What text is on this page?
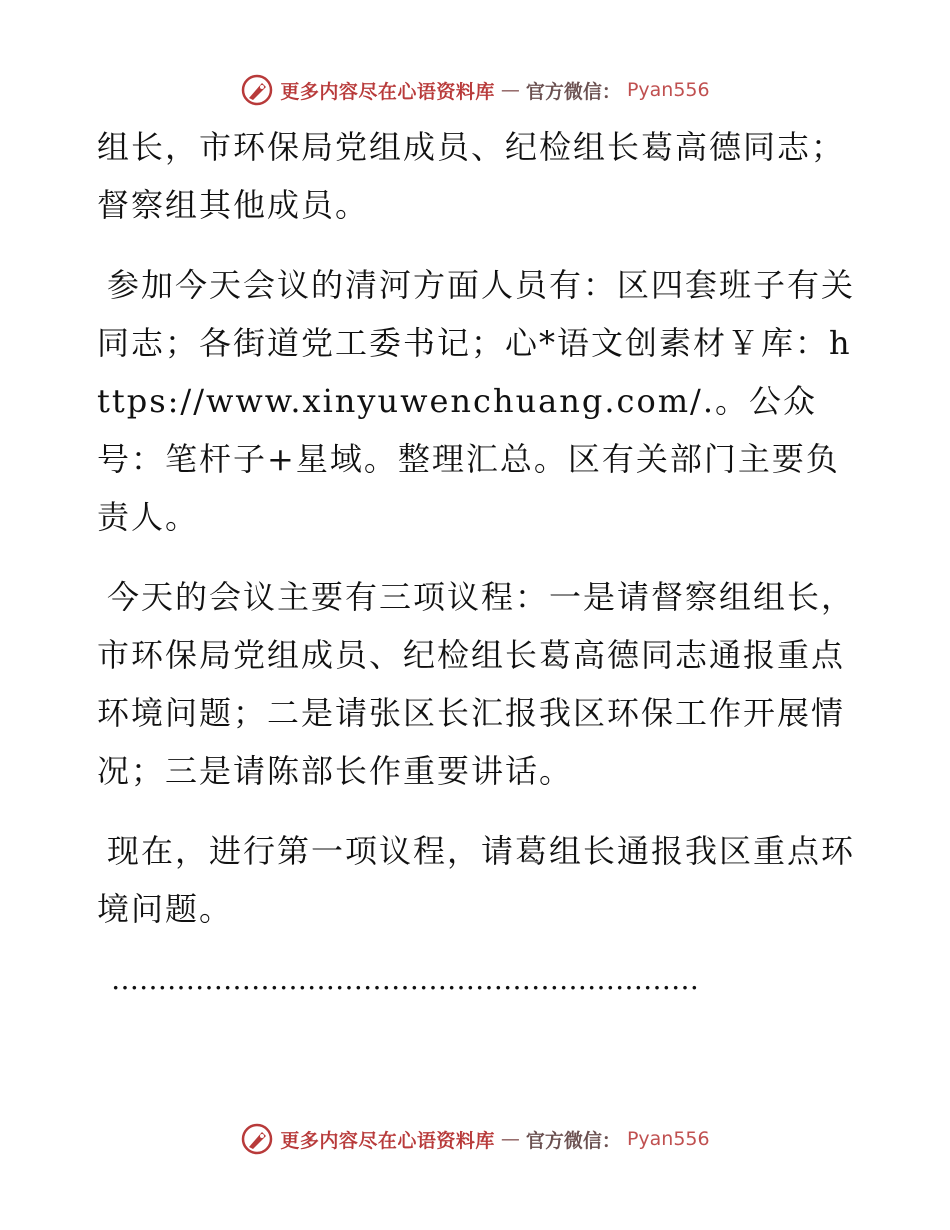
更多内容尽在心语资料库 — 官方微信： Pyan556

组长，市环保局党组成员、纪检组长葛高德同志；督察组其他成员。

参加今天会议的清河方面人员有：区四套班子有关同志；各街道党工委书记；心*语文创素材￥库：https://www.xinyuwenchuang.com/.。公众号：笔杆子+星域。整理汇总。区有关部门主要负责人。

今天的会议主要有三项议程：一是请督察组组长，市环保局党组成员、纪检组长葛高德同志通报重点环境问题；二是请张区长汇报我区环保工作开展情况；三是请陈部长作重要讲话。

现在，进行第一项议程，请葛组长通报我区重点环境问题。

………………………………………………………
更多内容尽在心语资料库 — 官方微信： Pyan556
